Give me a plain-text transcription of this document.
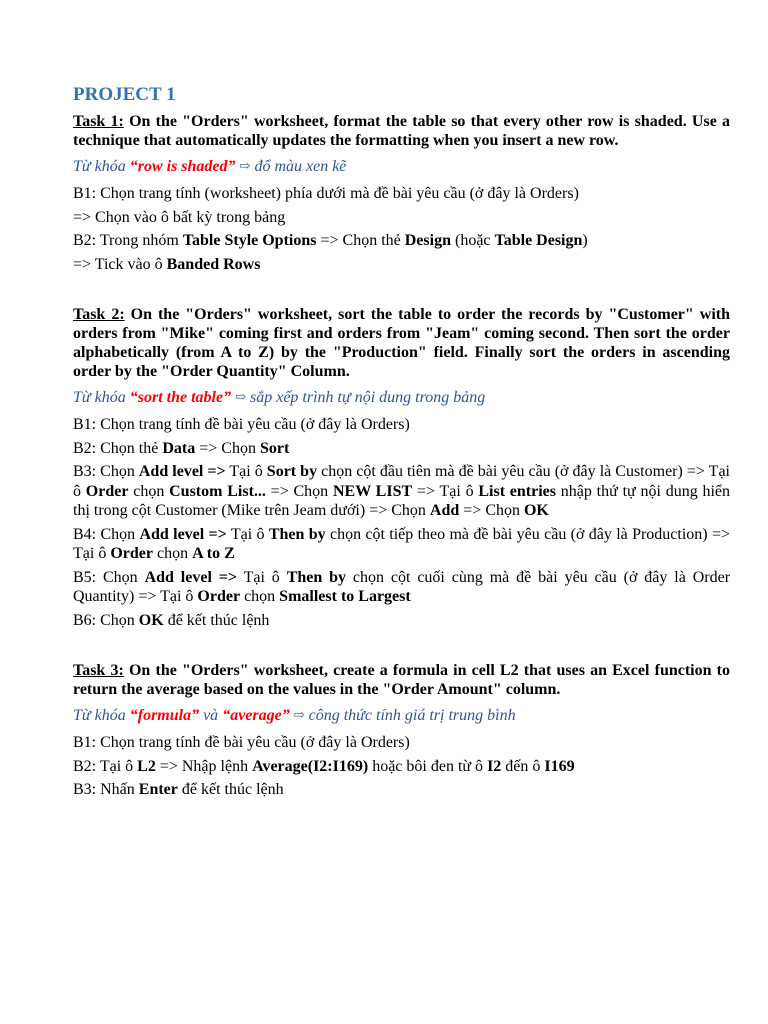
PROJECT 1
Task 1: On the "Orders" worksheet, format the table so that every other row is shaded. Use a technique that automatically updates the formatting when you insert a new row.
Từ khóa “row is shaded” ⇨ đổ màu xen kẽ
B1: Chọn trang tính (worksheet) phía dưới mà đề bài yêu cầu (ở đây là Orders)
=> Chọn vào ô bất kỳ trong bảng
B2: Trong nhóm Table Style Options => Chọn thẻ Design (hoặc Table Design)
=> Tick vào ô Banded Rows
Task 2: On the "Orders" worksheet, sort the table to order the records by "Customer" with orders from "Mike" coming first and orders from "Jeam" coming second. Then sort the order alphabetically (from A to Z) by the "Production" field. Finally sort the orders in ascending order by the "Order Quantity" Column.
Từ khóa “sort the table” ⇨ sắp xếp trình tự nội dung trong bảng
B1: Chọn trang tính đề bài yêu cầu (ở đây là Orders)
B2: Chọn thẻ Data => Chọn Sort
B3: Chọn Add level => Tại ô Sort by chọn cột đầu tiên mà đề bài yêu cầu (ở đây là Customer) => Tại ô Order chọn Custom List... => Chọn NEW LIST => Tại ô List entries nhập thứ tự nội dung hiển thị trong cột Customer (Mike trên Jeam dưới) => Chọn Add => Chọn OK
B4: Chọn Add level => Tại ô Then by chọn cột tiếp theo mà đề bài yêu cầu (ở đây là Production) => Tại ô Order chọn A to Z
B5: Chọn Add level => Tại ô Then by chọn cột cuối cùng mà đề bài yêu cầu (ở đây là Order Quantity) => Tại ô Order chọn Smallest to Largest
B6: Chọn OK để kết thúc lệnh
Task 3: On the "Orders" worksheet, create a formula in cell L2 that uses an Excel function to return the average based on the values in the "Order Amount" column.
Từ khóa “formula” và “average” ⇨ công thức tính giá trị trung bình
B1: Chọn trang tính đề bài yêu cầu (ở đây là Orders)
B2: Tại ô L2 => Nhập lệnh Average(I2:I169) hoặc bôi đen từ ô I2 đến ô I169
B3: Nhấn Enter để kết thúc lệnh
